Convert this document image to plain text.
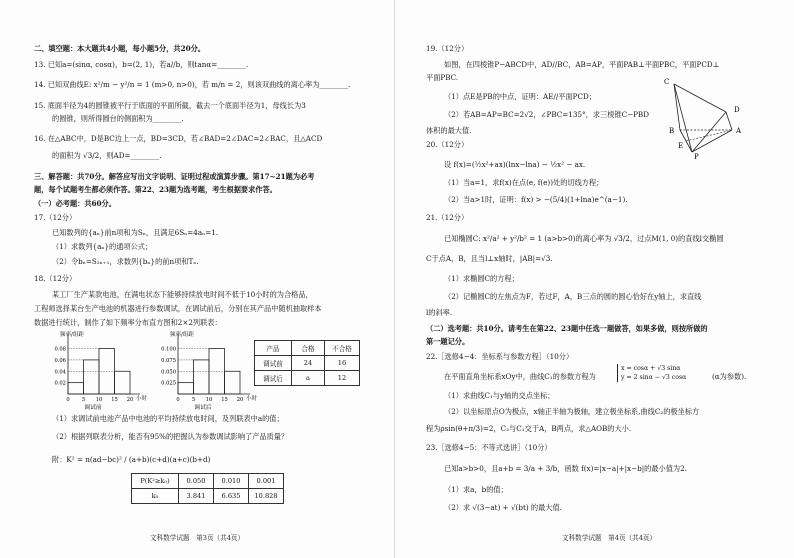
二、填空题：本大题共4小题，每小题5分，共20分。
13. 已知a=(sinα, cosα)，b=(2, 1)，若a//b，则tanα=________.
14. 已知双曲线E: x²/m − y²/n = 1 (m>0, n>0)，若 m/n = 2，则该双曲线的离心率为________.
15. 底面半径为4的圆锥被平行于底面的平面所截，截去一个底面半径为1，母线长为3
的圆锥，则所得圆台的侧面积为________.
16. 在△ABC中，D是BC边上一点，BD=3CD，若∠BAD=2∠DAC=2∠BAC，且△ACD
的面积为 √3/2，则AD=________.
三、解答题：共70分。解答应写出文字说明、证明过程或演算步骤。第17~21题为必考
题，每个试题考生都必须作答。第22、23题为选考题，考生根据要求作答。
（一）必考题：共60分。
17.（12分）
已知数列的{aₙ}前n项和为Sₙ，且满足6Sₙ=4aₙ=1.
（1）求数列{aₙ}的通项公式；
（2）令bₙ=S₂ₙ₊₁，求数列{bₙ}的前n项和Tₙ.
18.（12分）
某工厂生产某款电池，在满电状态下能够持续放电时间不低于10小时的为合格品，
工程师选择某台生产电池的机器进行参数调试，在调试前后，分别在其产品中随机抽取样本
数据进行统计，制作了如下频率分布直方图和2×2列联表：
频率/组距
小时
0.02
0.04
0.06
0.08
0 5 10 15 20
调试前
频率/组距
小时
0.025
0.050
0.075
0.100
0 5 10 15 20
调试后
产品	合格	不合格
调试前	24	16
调试后	a	12
（1）求调试前电池产品中电池的平均持续放电时间，及列联表中a的值；
（2）根据列联表分析，能否有95%的把握认为参数调试影响了产品质量？
附：K² = n(ad−bc)² / (a+b)(c+d)(a+c)(b+d)
P(K²≥k₀)	0.050	0.010	0.001
k₀	3.841	6.635	10.828
文科数学试题　第3页（共4页）
19.（12分）
如图，在四棱锥P−ABCD中，AD//BC，AB=AP，平面PAB⊥平面PBC，平面PCD⊥
平面PBC.
（1）点E是PB的中点，证明：AE//平面PCD；
（2）若AB=AP=BC=2√2，∠PBC=135°，求三棱锥C−PBD
体积的最大值.
C
D
B	A
E
P
20.（12分）
设 f(x)=(½x²+ax)(lnx−lna) − ½x² − ax.
（1）当a=1，求f(x)在点(e, f(e))处的切线方程；
（2）当a>1时，证明：f(x) > −(5/4)(1+lna)e^(a−1).
21.（12分）
已知椭圆C: x²/a² + y²/b² = 1 (a>b>0)的离心率为 √3/2，过点M(1, 0)的直线l交椭圆
C于点A，B，且当l⊥x轴时，|AB|=√3.
（1）求椭圆C的方程；
（2）记椭圆C的左焦点为F，若过F，A，B三点的圆的圆心恰好在y轴上，求直线
l的斜率.
（二）选考题：共10分。请考生在第22、23题中任选一题做答，如果多做，则按所做的
第一题记分。
22.［选修4−4：坐标系与参数方程］（10分）
在平面直角坐标系xOy中，曲线C₁的参数方程为
x = cosα + √3 sinα
y = 2 sinα − √3 cosα	(α为参数).
（1）求曲线C₁与y轴的交点坐标；
（2）以坐标原点O为极点，x轴正半轴为极轴，建立极坐标系,曲线C₂的极坐标方
程为ρsin(θ+π/3)=2，C₂与C₁交于A，B两点，求△AOB的大小.
23.［选修4−5：不等式选讲］（10分）
已知a>b>0，且a+b = 3/a + 3/b，函数 f(x)=|x−a|+|x−b|的最小值为2.
（1）求a，b的值；
（2）求 √(3−at) + √(bt) 的最大值.
文科数学试题　第4页（共4页）
